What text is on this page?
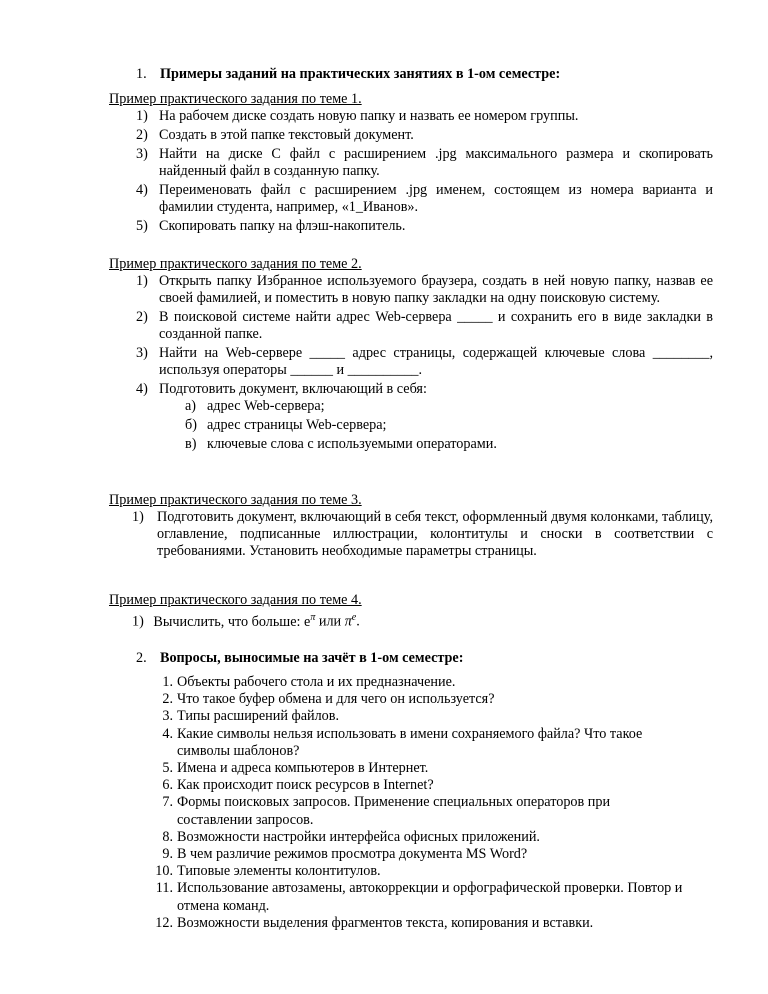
1. Примеры заданий на практических занятиях в 1-ом семестре:
Пример практического задания по теме 1.
1) На рабочем диске создать новую папку и назвать ее номером группы.
2) Создать в этой папке текстовый документ.
3) Найти на диске С файл с расширением .jpg максимального размера и скопировать найденный файл в созданную папку.
4) Переименовать файл с расширением .jpg именем, состоящем из номера варианта и фамилии студента, например, «1_Иванов».
5) Скопировать папку на флэш-накопитель.
Пример практического задания по теме 2.
1) Открыть папку Избранное используемого браузера, создать в ней новую папку, назвав ее своей фамилией, и поместить в новую папку закладки на одну поисковую систему.
2) В поисковой системе найти адрес Web-сервера _____ и сохранить его в виде закладки в созданной папке.
3) Найти на Web-сервере _____ адрес страницы, содержащей ключевые слова ________, используя операторы ______ и __________.
4) Подготовить документ, включающий в себя:
а) адрес Web-сервера;
б) адрес страницы Web-сервера;
в) ключевые слова с используемыми операторами.
Пример практического задания по теме 3.
1) Подготовить документ, включающий в себя текст, оформленный двумя колонками, таблицу, оглавление, подписанные иллюстрации, колонтитулы и сноски в соответствии с требованиями. Установить необходимые параметры страницы.
Пример практического задания по теме 4.
1) Вычислить, что больше: $e^\pi$ или $\pi^e$.
2. Вопросы, выносимые на зачёт в 1-ом семестре:
1. Объекты рабочего стола и их предназначение.
2. Что такое буфер обмена и для чего он используется?
3. Типы расширений файлов.
4. Какие символы нельзя использовать в имени сохраняемого файла? Что такое символы шаблонов?
5. Имена и адреса компьютеров в Интернет.
6. Как происходит поиск ресурсов в Internet?
7. Формы поисковых запросов. Применение специальных операторов при составлении запросов.
8. Возможности настройки интерфейса офисных приложений.
9. В чем различие режимов просмотра документа MS Word?
10. Типовые элементы колонтитулов.
11. Использование автозамены, автокоррекции и орфографической проверки. Повтор и отмена команд.
12. Возможности выделения фрагментов текста, копирования и вставки.
